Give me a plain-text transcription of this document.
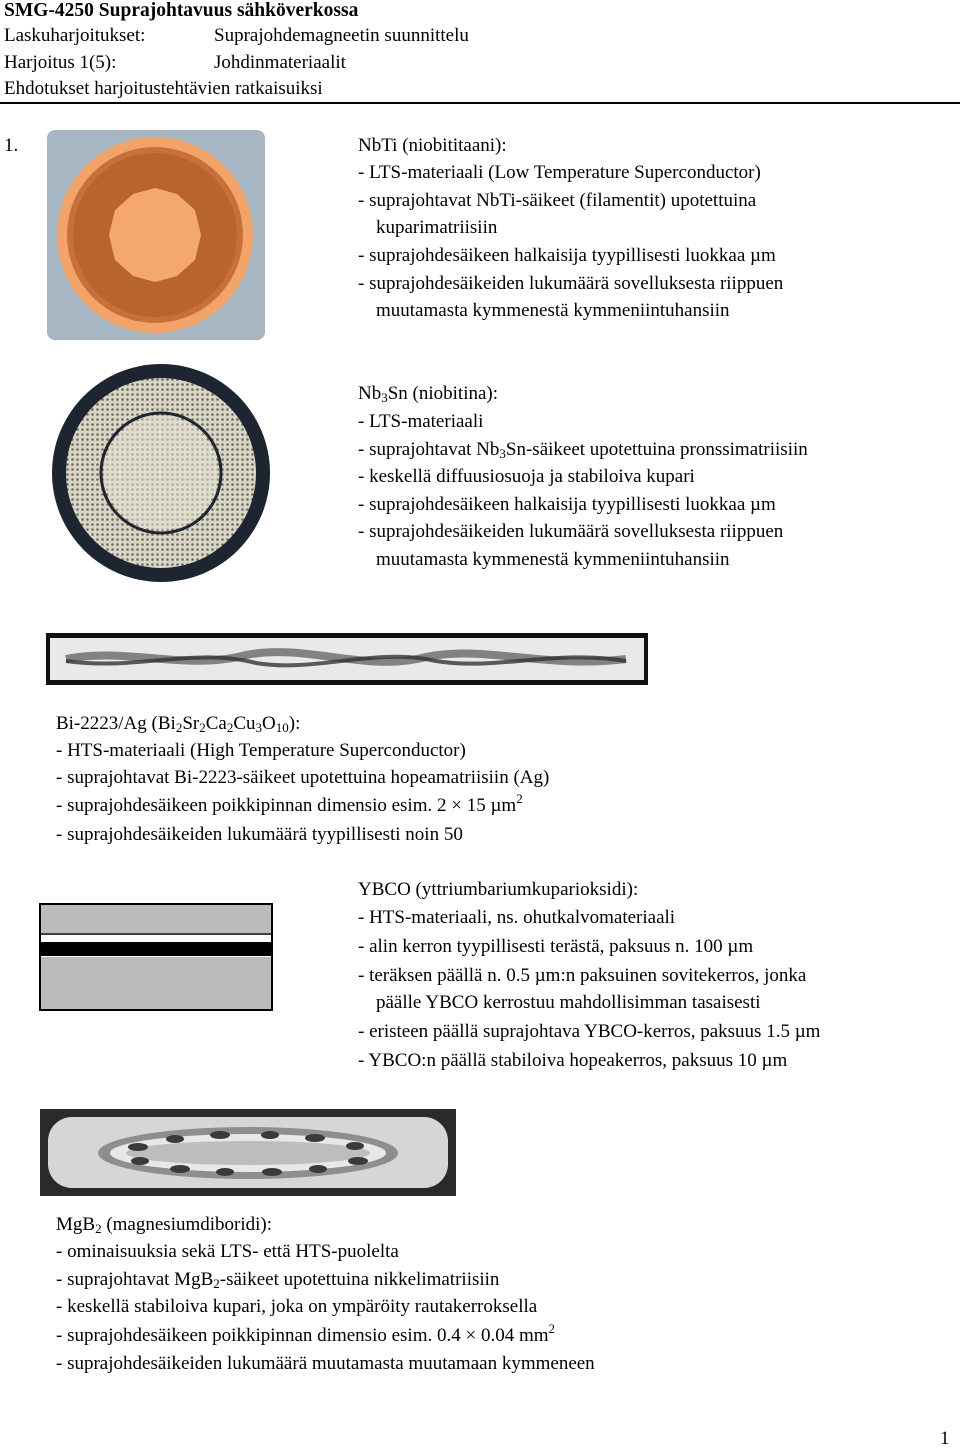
SMG-4250 Suprajohtavuus sähköverkossa
Laskuharjoitukset:	Suprajohdemagneetin suunnittelu
Harjoitus 1(5):	Johdinmateriaalit
Ehdotukset harjoitustehtävien ratkaisuiksi
1.	NbTi (niobititaani):
- LTS-materiaali (Low Temperature Superconductor)
- suprajohtavat NbTi-säikeet (filamentit) upotettuina
kuparimatriisiin
- suprajohdesäikeen halkaisija tyypillisesti luokkaa µm
- suprajohdesäikeiden lukumäärä sovelluksesta riippuen
muutamasta kymmenestä kymmeniintuhansiin
$Nb_3Sn$ (niobitina):
- LTS-materiaali
- suprajohtavat $Nb_3Sn$-säikeet upotettuina pronssimatriisiin
- keskellä diffuusiosuoja ja stabiloiva kupari
- suprajohdesäikeen halkaisija tyypillisesti luokkaa µm
- suprajohdesäikeiden lukumäärä sovelluksesta riippuen
muutamasta kymmenestä kymmeniintuhansiin
Bi-2223/Ag $(Bi_2Sr_2Ca_2Cu_3O_{10})$:
- HTS-materiaali (High Temperature Superconductor)
- suprajohtavat Bi-2223-säikeet upotettuina hopeamatriisiin (Ag)
- suprajohdesäikeen poikkipinnan dimensio esim. 2 × 15 µm$^2$
- suprajohdesäikeiden lukumäärä tyypillisesti noin 50
YBCO (yttriumbariumkuparioksidi):
- HTS-materiaali, ns. ohutkalvomateriaali
- alin kerron tyypillisesti terästä, paksuus n. 100 µm
- teräksen päällä n. 0.5 µm:n paksuinen sovitekerros, jonka
päälle YBCO kerrostuu mahdollisimman tasaisesti
- eristeen päällä suprajohtava YBCO-kerros, paksuus 1.5 µm
- YBCO:n päällä stabiloiva hopeakerros, paksuus 10 µm
MgB$_2$ (magnesiumdiboridi):
- ominaisuuksia sekä LTS- että HTS-puolelta
- suprajohtavat MgB$_2$-säikeet upotettuina nikkelimatriisiin
- keskellä stabiloiva kupari, joka on ympäröity rautakerroksella
- suprajohdesäikeen poikkipinnan dimensio esim. 0.4 × 0.04 $mm^2$
- suprajohdesäikeiden lukumäärä muutamasta muutamaan kymmeneen
1
